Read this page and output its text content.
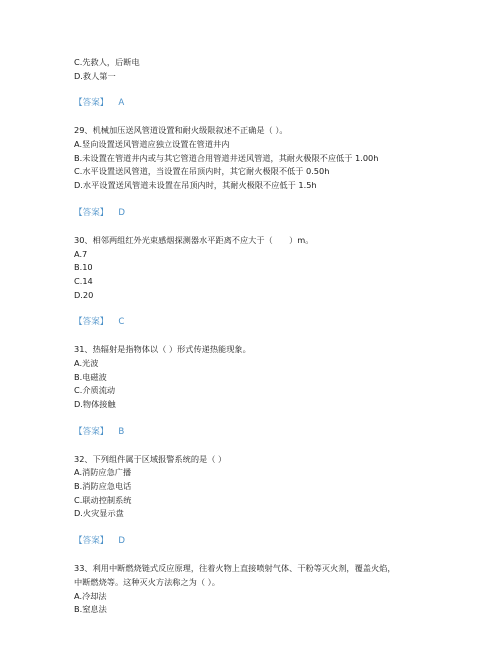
C.先救人，后断电
D.救人第一
【答案】 A
29、机械加压送风管道设置和耐火级限叙述不正确是（ ）。
A.竖向设置送风管道应独立设置在管道井内
B.未设置在管道井内或与其它管道合用管道井送风管道，其耐火极限不应低于 1.00h
C.水平设置送风管道，当设置在吊顶内时，其它耐火极限不低于 0.50h
D.水平设置送风管道未设置在吊顶内时，其耐火极限不应低于 1.5h
【答案】 D
30、相邻两组红外光束感烟探测器水平距离不应大于（　　）m。
A.7
B.10
C.14
D.20
【答案】 C
31、热辐射是指物体以（ ）形式传递热能现象。
A.光波
B.电磁波
C.介质流动
D.物体接触
【答案】 B
32、下列组件属于区域报警系统的是（ ）
A.消防应急广播
B.消防应急电话
C.联动控制系统
D.火灾显示盘
【答案】 D
33、利用中断燃烧链式反应原理，往着火物上直接喷射气体、干粉等灭火剂，覆盖火焰，
中断燃烧等。这种灭火方法称之为（ ）。
A.冷却法
B.窒息法
